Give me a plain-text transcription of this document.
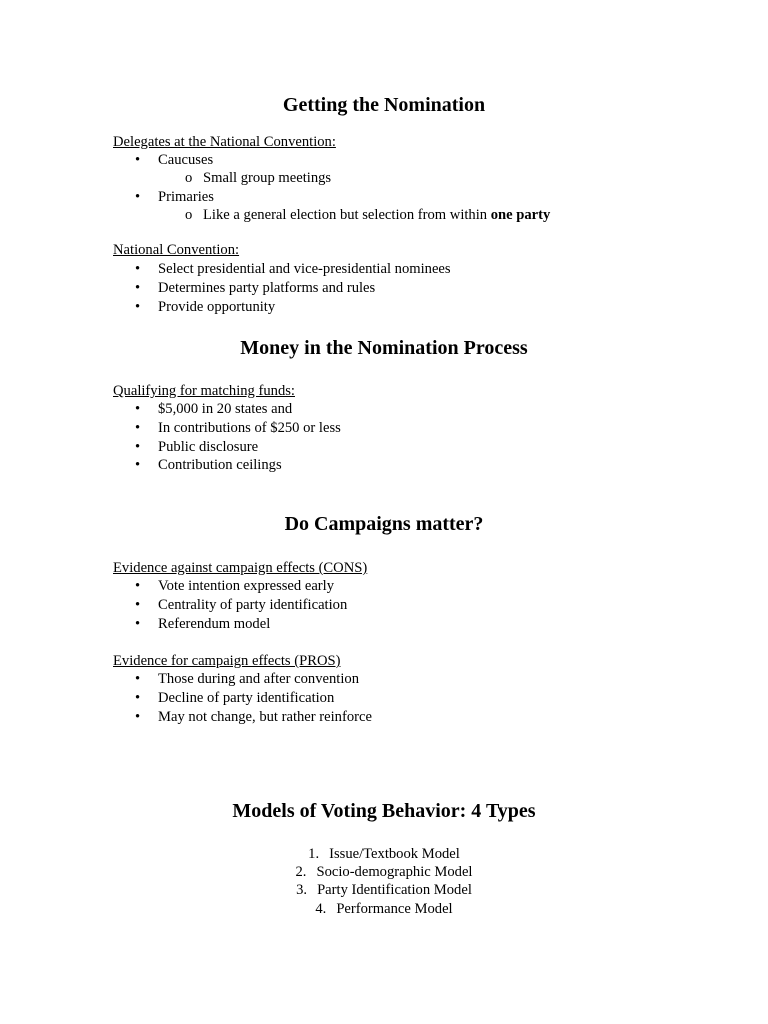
Getting the Nomination

Delegates at the National Convention:

• Caucuses
o Small group meetings
• Primaries
o Like a general election but selection from within one party

National Convention:

• Select presidential and vice-presidential nominees
• Determines party platforms and rules
• Provide opportunity
Money in the Nomination Process

Qualifying for matching funds:

• $5,000 in 20 states and
• In contributions of $250 or less
• Public disclosure
• Contribution ceilings
Do Campaigns matter?

Evidence against campaign effects (CONS)

• Vote intention expressed early
• Centrality of party identification
• Referendum model

Evidence for campaign effects (PROS)

• Those during and after convention
• Decline of party identification
• May not change, but rather reinforce
Models of Voting Behavior: 4 Types
1. Issue/Textbook Model
2. Socio-demographic Model
3. Party Identification Model
4. Performance Model
